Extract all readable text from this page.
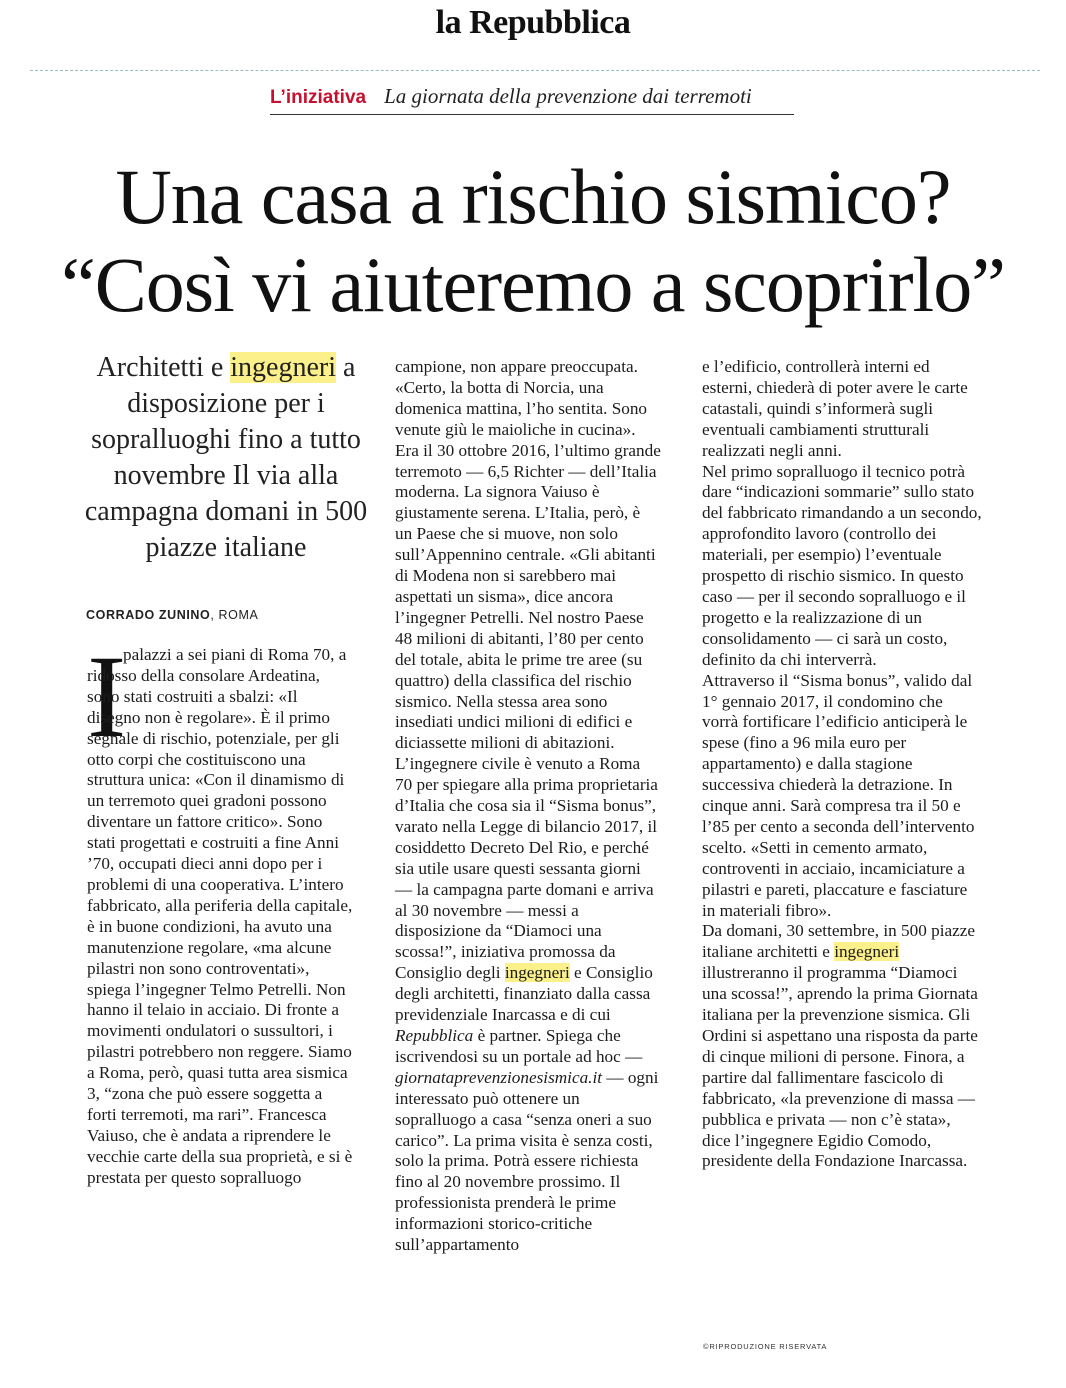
la Repubblica
L’iniziativa La giornata della prevenzione dai terremoti
Una casa a rischio sismico?
“Così vi aiuteremo a scoprirlo”
Architetti e ingegneri a disposizione per i sopralluoghi fino a tutto novembre Il via alla campagna domani in 500 piazze italiane
CORRADO ZUNINO, ROMA
I

palazzi a sei piani di Roma 70, a ridosso della consolare Ardeatina, sono stati costruiti a sbalzi: «Il disegno non è regolare». È il primo segnale di rischio, potenziale, per gli otto corpi che costituiscono una struttura unica: «Con il dinamismo di un terremoto quei gradoni possono diventare un fattore critico». Sono stati progettati e costruiti a fine Anni ’70, occupati dieci anni dopo per i problemi di una cooperativa. L’intero fabbricato, alla periferia della capitale, è in buone condizioni, ha avuto una manutenzione regolare, «ma alcune pilastri non sono controventati», spiega l’ingegner Telmo Petrelli. Non hanno il telaio in acciaio. Di fronte a movimenti ondulatori o sussultori, i pilastri potrebbero non reggere. Siamo a Roma, però, quasi tutta area sismica 3, “zona che può essere soggetta a forti terremoti, ma rari”. Francesca Vaiuso, che è andata a riprendere le vecchie carte della sua proprietà, e si è prestata per questo sopralluogo

campione, non appare preoccupata. «Certo, la botta di Norcia, una domenica mattina, l’ho sentita. Sono venute giù le maioliche in cucina». Era il 30 ottobre 2016, l’ultimo grande terremoto — 6,5 Richter — dell’Italia moderna. La signora Vaiuso è giustamente serena. L’Italia, però, è un Paese che si muove, non solo sull’Appennino centrale. «Gli abitanti di Modena non si sarebbero mai aspettati un sisma», dice ancora l’ingegner Petrelli. Nel nostro Paese 48 milioni di abitanti, l’80 per cento del totale, abita le prime tre aree (su quattro) della classifica del rischio sismico. Nella stessa area sono insediati undici milioni di edifici e diciassette milioni di abitazioni.

L’ingegnere civile è venuto a Roma 70 per spiegare alla prima proprietaria d’Italia che cosa sia il “Sisma bonus”, varato nella Legge di bilancio 2017, il cosiddetto Decreto Del Rio, e perché sia utile usare questi sessanta giorni — la campagna parte domani e arriva al 30 novembre — messi a disposizione da “Diamoci una scossa!”, iniziativa promossa da Consiglio degli ingegneri e Consiglio degli architetti, finanziato dalla cassa previdenziale Inarcassa e di cui Repubblica è partner. Spiega che iscrivendosi su un portale ad hoc — giornataprevenzionesismica.it — ogni interessato può ottenere un sopralluogo a casa “senza oneri a suo carico”. La prima visita è senza costi, solo la prima. Potrà essere richiesta fino al 20 novembre prossimo. Il professionista prenderà le prime informazioni storico-critiche sull’appartamento

e l’edificio, controllerà interni ed esterni, chiederà di poter avere le carte catastali, quindi s’informerà sugli eventuali cambiamenti strutturali realizzati negli anni.

Nel primo sopralluogo il tecnico potrà dare “indicazioni sommarie” sullo stato del fabbricato rimandando a un secondo, approfondito lavoro (controllo dei materiali, per esempio) l’eventuale prospetto di rischio sismico. In questo caso — per il secondo sopralluogo e il progetto e la realizzazione di un consolidamento — ci sarà un costo, definito da chi interverrà.

Attraverso il “Sisma bonus”, valido dal 1° gennaio 2017, il condomino che vorrà fortificare l’edificio anticiperà le spese (fino a 96 mila euro per appartamento) e dalla stagione successiva chiederà la detrazione. In cinque anni. Sarà compresa tra il 50 e l’85 per cento a seconda dell’intervento scelto. «Setti in cemento armato, controventi in acciaio, incamiciature a pilastri e pareti, placcature e fasciature in materiali fibro».

Da domani, 30 settembre, in 500 piazze italiane architetti e ingegneri illustreranno il programma “Diamoci una scossa!”, aprendo la prima Giornata italiana per la prevenzione sismica. Gli Ordini si aspettano una risposta da parte di cinque milioni di persone. Finora, a partire dal fallimentare fascicolo di fabbricato, «la prevenzione di massa — pubblica e privata — non c’è stata», dice l’ingegnere Egidio Comodo, presidente della Fondazione Inarcassa.

©RIPRODUZIONE RISERVATA
